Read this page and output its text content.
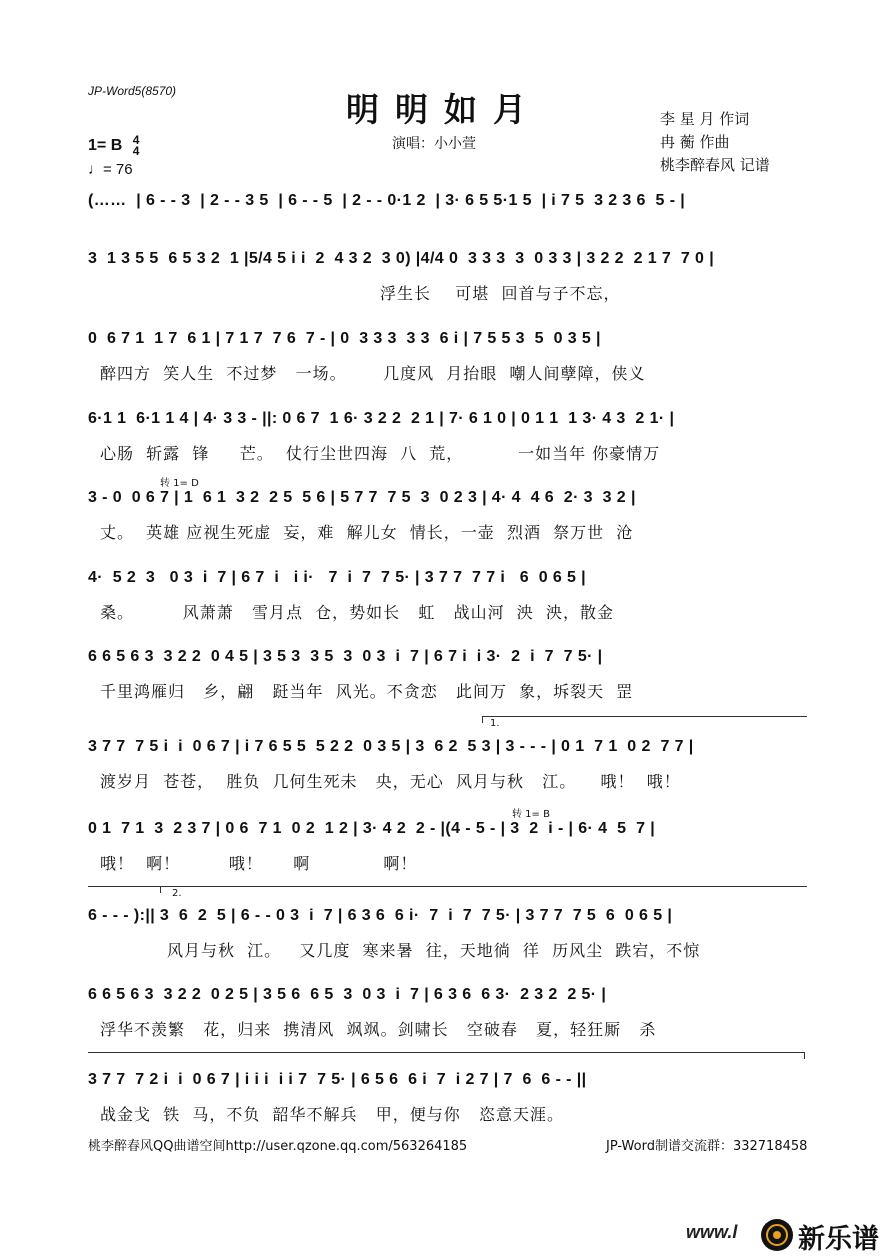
JP-Word5(8570)	明明如月
演唱：小小萱
李 星 月 作词
冉 蘅 作曲
桃李醉春风 记谱
1= B 4
4
♩= 76
(……  | 6 - - 3  | 2 - - 3 5  | 6 - - 5  | 2 - - 0·1 2  | 3· 6 5 5·1 5  | i 7 5  3 2 3 6  5 - |
3  1 3 5 5  6 5 3 2  1 |5/4 5 i i  2  4 3 2  3 0) |4/4 0  3 3 3  3  0 3 3 | 3 2 2  2 1 7  7 0 |
浮生长    可堪  回首与子不忘，
0  6 7 1  1 7  6 1 | 7 1 7  7 6  7 - | 0  3 3 3  3 3  6 i | 7 5 5 3  5  0 3 5 |
醉四方  笑人生  不过梦   一场。      几度风  月抬眼  嘲人间孽障，侠义
6·1 1  6·1 1 4 | 4· 3 3 - ||: 0 6 7  1 6· 3 2 2  2 1 | 7· 6 1 0 | 0 1 1  1 3· 4 3  2 1· |
心肠  斩露  锋     芒。  仗行尘世四海  八  荒，         一如当年 你豪情万
转 1= D
3 - 0  0 6 7 | 1  6 1  3 2  2 5  5 6 | 5 7 7  7 5  3  0 2 3 | 4· 4  4 6  2· 3  3 2 |
丈。  英雄 应视生死虚  妄，难  解儿女  情长，一壶  烈酒  祭万世  沧
4·  5 2  3   0 3  i  7 | 6 7  i   i i·   7  i  7  7 5· | 3 7 7  7 7 i   6  0 6 5 |
桑。        风萧萧   雪月点  仓，势如长   虹   战山河  泱  泱，散金
6 6 5 6 3  3 2 2  0 4 5 | 3 5 3  3 5  3  0 3  i  7 | 6 7 i  i 3·  2  i  7  7 5· |
千里鸿雁归   乡，翩   跹当年  风光。不贪恋   此间万  象，坼裂天  罡
1.
3 7 7  7 5 i  i  0 6 7 | i 7 6 5 5  5 2 2  0 3 5 | 3  6 2  5 3 | 3 - - - | 0 1  7 1  0 2  7 7 |
渡岁月  苍苍，  胜负  几何生死未   央，无心  风月与秋   江。    哦！  哦！
转 1= B
0 1  7 1  3  2 3 7 | 0 6  7 1  0 2  1 2 | 3· 4 2  2 - |(4 - 5 - | 3  2  i - | 6· 4  5  7 |
哦！  啊！        哦！     啊            啊！
2.
6 - - - ):|| 3  6  2  5 | 6 - - 0 3  i  7 | 6 3 6  6 i·  7  i  7  7 5· | 3 7 7  7 5  6  0 6 5 |
风月与秋  江。   又几度  寒来暑  往，天地徜  徉  历风尘  跌宕，不惊
6 6 5 6 3  3 2 2  0 2 5 | 3 5 6  6 5  3  0 3  i  7 | 6 3 6  6 3·  2 3 2  2 5· |
浮华不羡繁   花，归来  携清风  飒飒。剑啸长   空破春   夏，轻狂厮   杀
3 7 7  7 2 i  i  0 6 7 | i i i  i i 7  7 5· | 6 5 6  6 i  7  i 2 7 | 7  6  6 - - ||
战金戈  铁  马，不负  韶华不解兵   甲，便与你   恣意天涯。
桃李醉春风QQ曲谱空间http://user.qzone.qq.com/563264185	JP-Word制谱交流群：332718458
www.l 新乐谱
